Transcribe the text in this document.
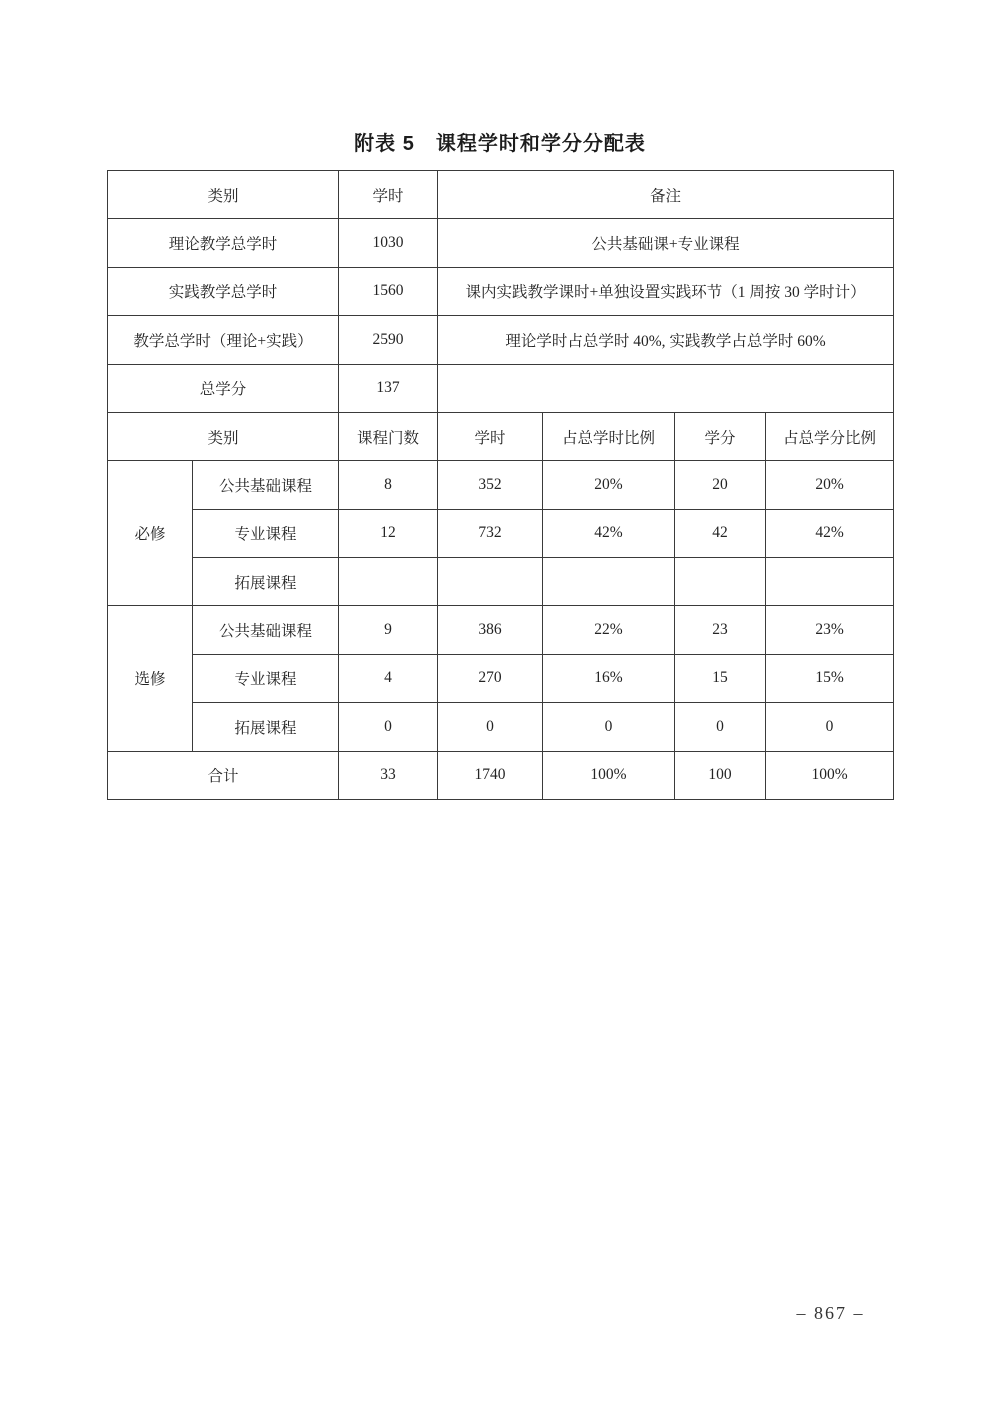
附表 5　课程学时和学分分配表
类别		学时	备注			
理论教学总学时		1030	公共基础课+专业课程			
实践教学总学时		1560	课内实践教学课时+单独设置实践环节（1 周按 30 学时计）			
教学总学时（理论+实践）		2590	理论学时占总学时 40%, 实践教学占总学时 60%			
总学分		137				
类别		课程门数	学时	占总学时比例	学分	占总学分比例
必修	公共基础课程	8	352	20%	20	20%
	专业课程	12	732	42%	42	42%
	拓展课程					
选修	公共基础课程	9	386	22%	23	23%
	专业课程	4	270	16%	15	15%
	拓展课程	0	0	0	0	0
合计		33	1740	100%	100	100%
– 867 –
